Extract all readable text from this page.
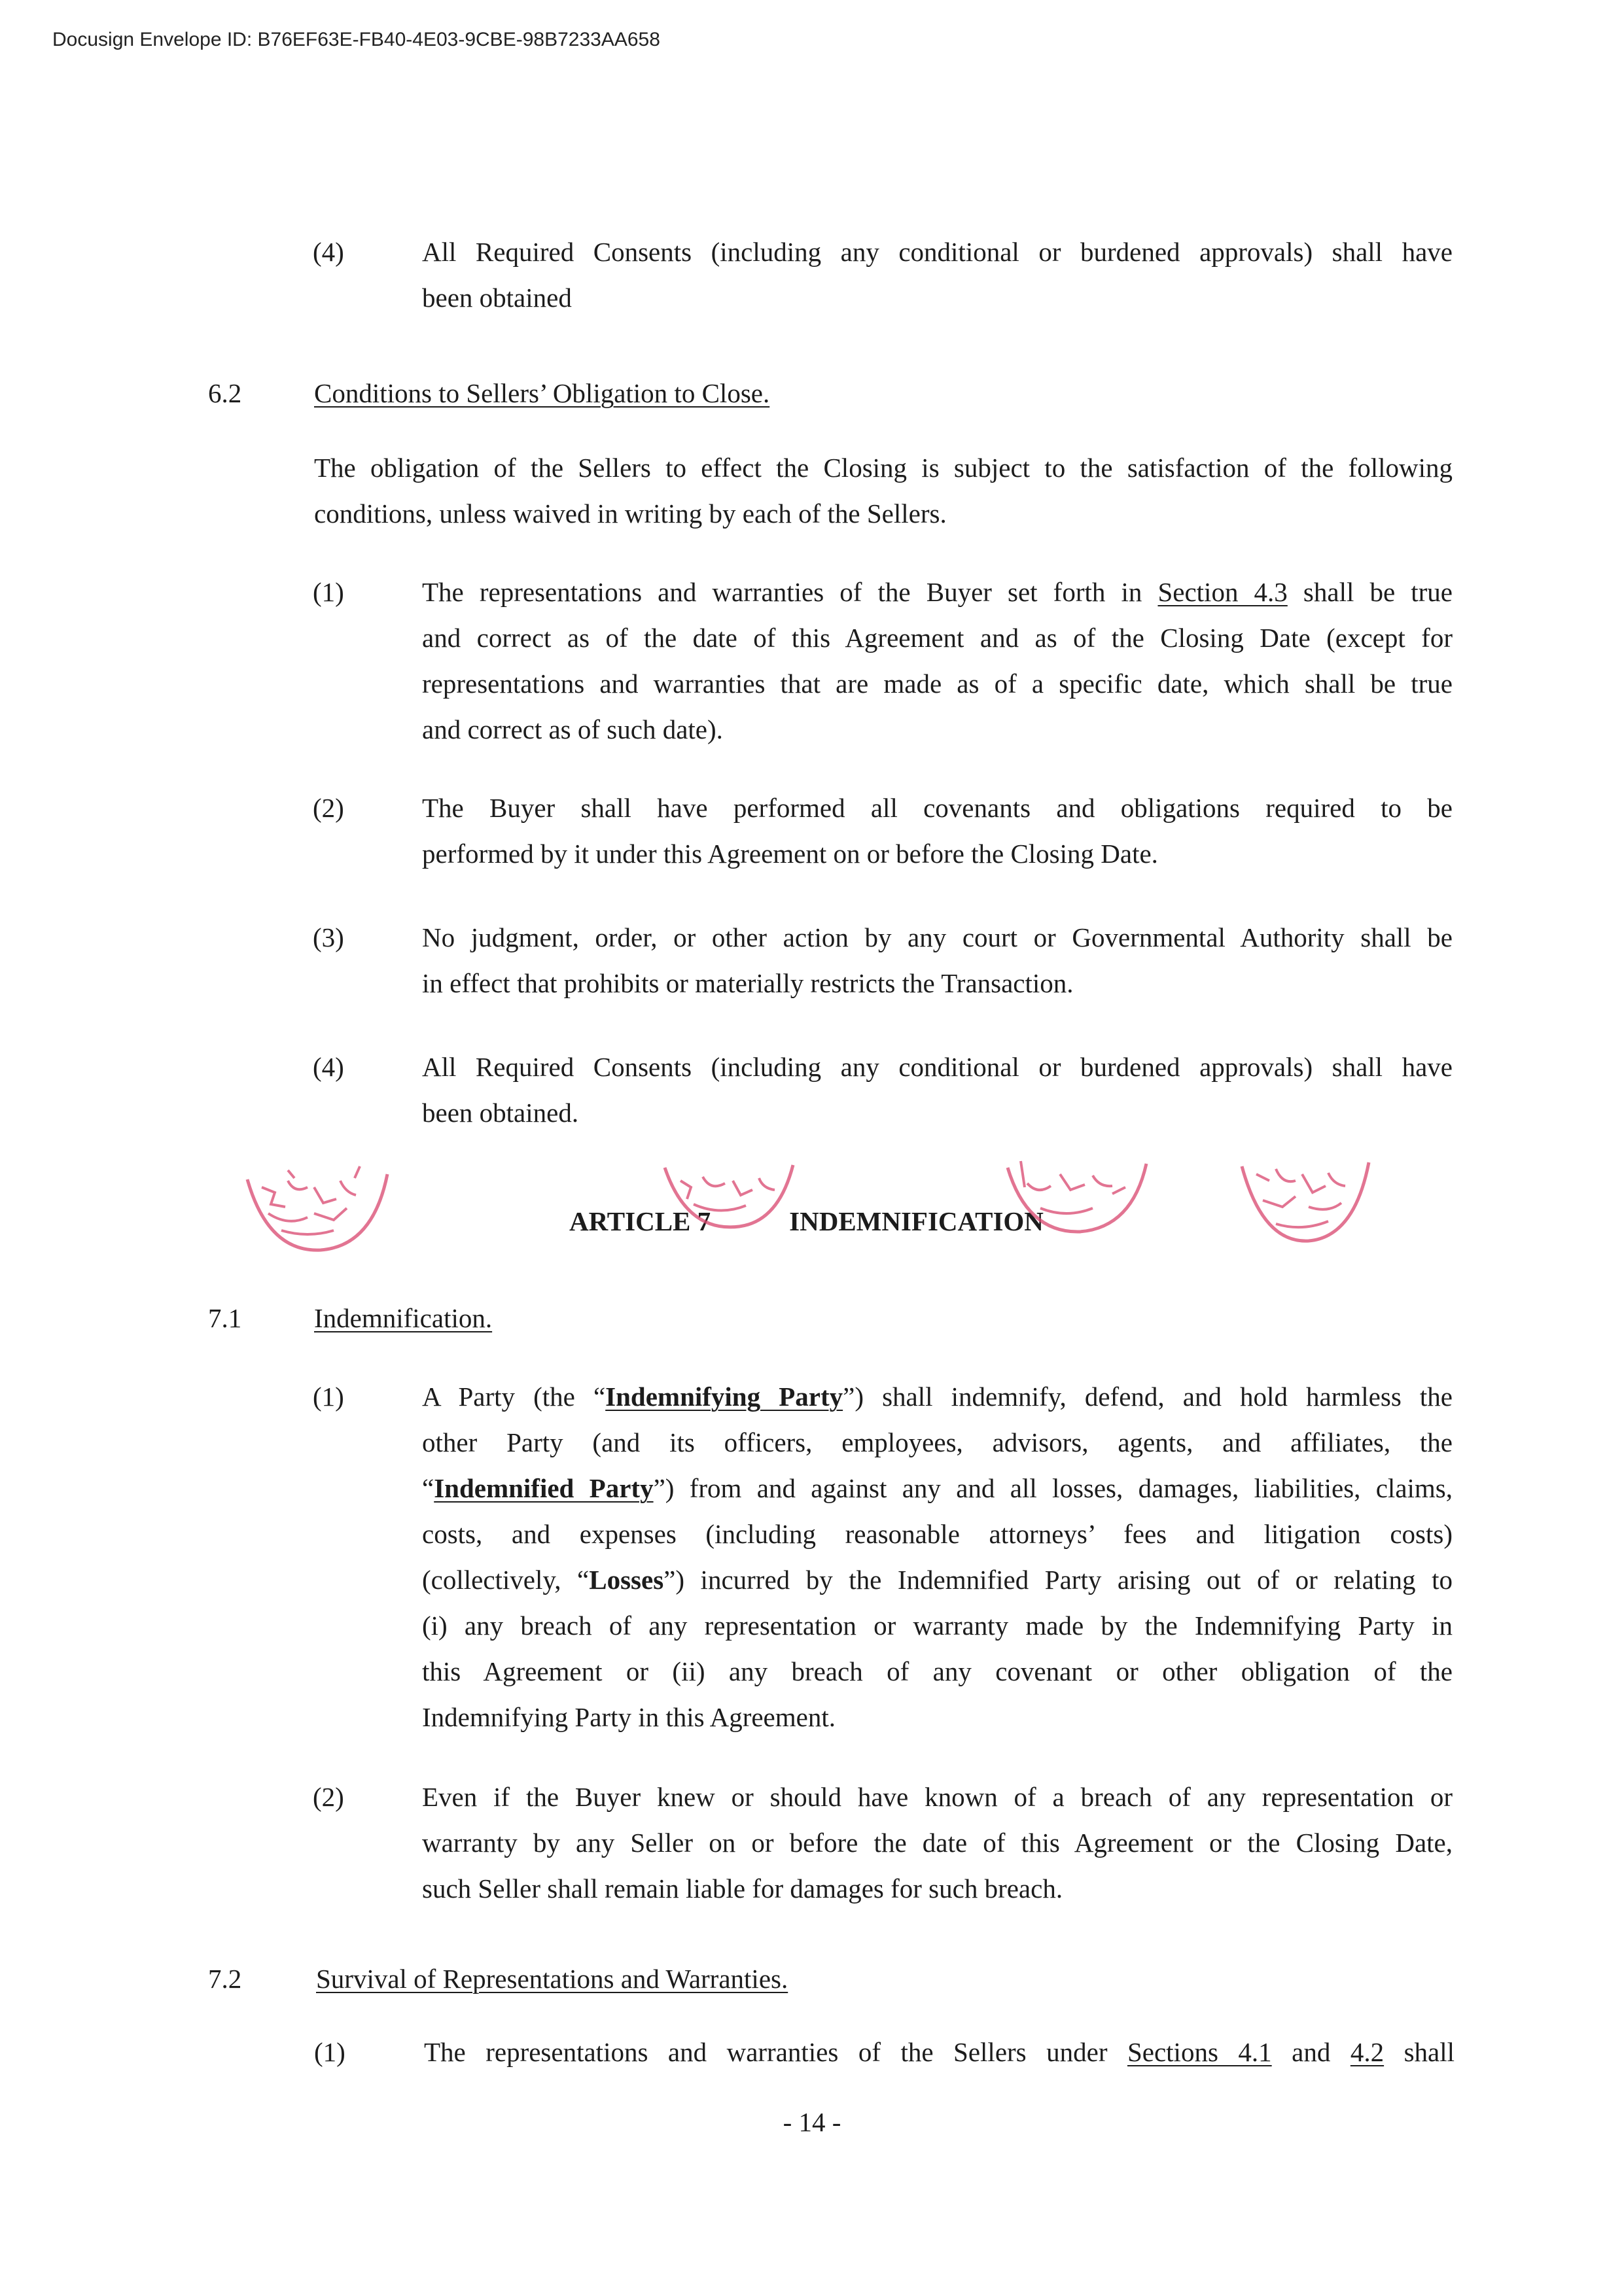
Docusign Envelope ID: B76EF63E-FB40-4E03-9CBE-98B7233AA658
(4)	All Required Consents (including any conditional or burdened approvals) shall have
been obtained
6.2	Conditions to Sellers’ Obligation to Close.
The obligation of the Sellers to effect the Closing is subject to the satisfaction of the following
conditions, unless waived in writing by each of the Sellers.
(1)	The representations and warranties of the Buyer set forth in Section 4.3 shall be true
and correct as of the date of this Agreement and as of the Closing Date (except for
representations and warranties that are made as of a specific date, which shall be true
and correct as of such date).
(2)	The Buyer shall have performed all covenants and obligations required to be
performed by it under this Agreement on or before the Closing Date.
(3)	No judgment, order, or other action by any court or Governmental Authority shall be
in effect that prohibits or materially restricts the Transaction.
(4)	All Required Consents (including any conditional or burdened approvals) shall have
been obtained.
ARTICLE 7	INDEMNIFICATION
7.1	Indemnification.
(1)	A Party (the “Indemnifying Party”) shall indemnify, defend, and hold harmless the
other Party (and its officers, employees, advisors, agents, and affiliates, the
“Indemnified Party”) from and against any and all losses, damages, liabilities, claims,
costs, and expenses (including reasonable attorneys’ fees and litigation costs)
(collectively, “Losses”) incurred by the Indemnified Party arising out of or relating to
(i) any breach of any representation or warranty made by the Indemnifying Party in
this Agreement or (ii) any breach of any covenant or other obligation of the
Indemnifying Party in this Agreement.
(2)	Even if the Buyer knew or should have known of a breach of any representation or
warranty by any Seller on or before the date of this Agreement or the Closing Date,
such Seller shall remain liable for damages for such breach.
7.2	Survival of Representations and Warranties.
(1)	The representations and warranties of the Sellers under Sections 4.1 and 4.2 shall
- 14 -
